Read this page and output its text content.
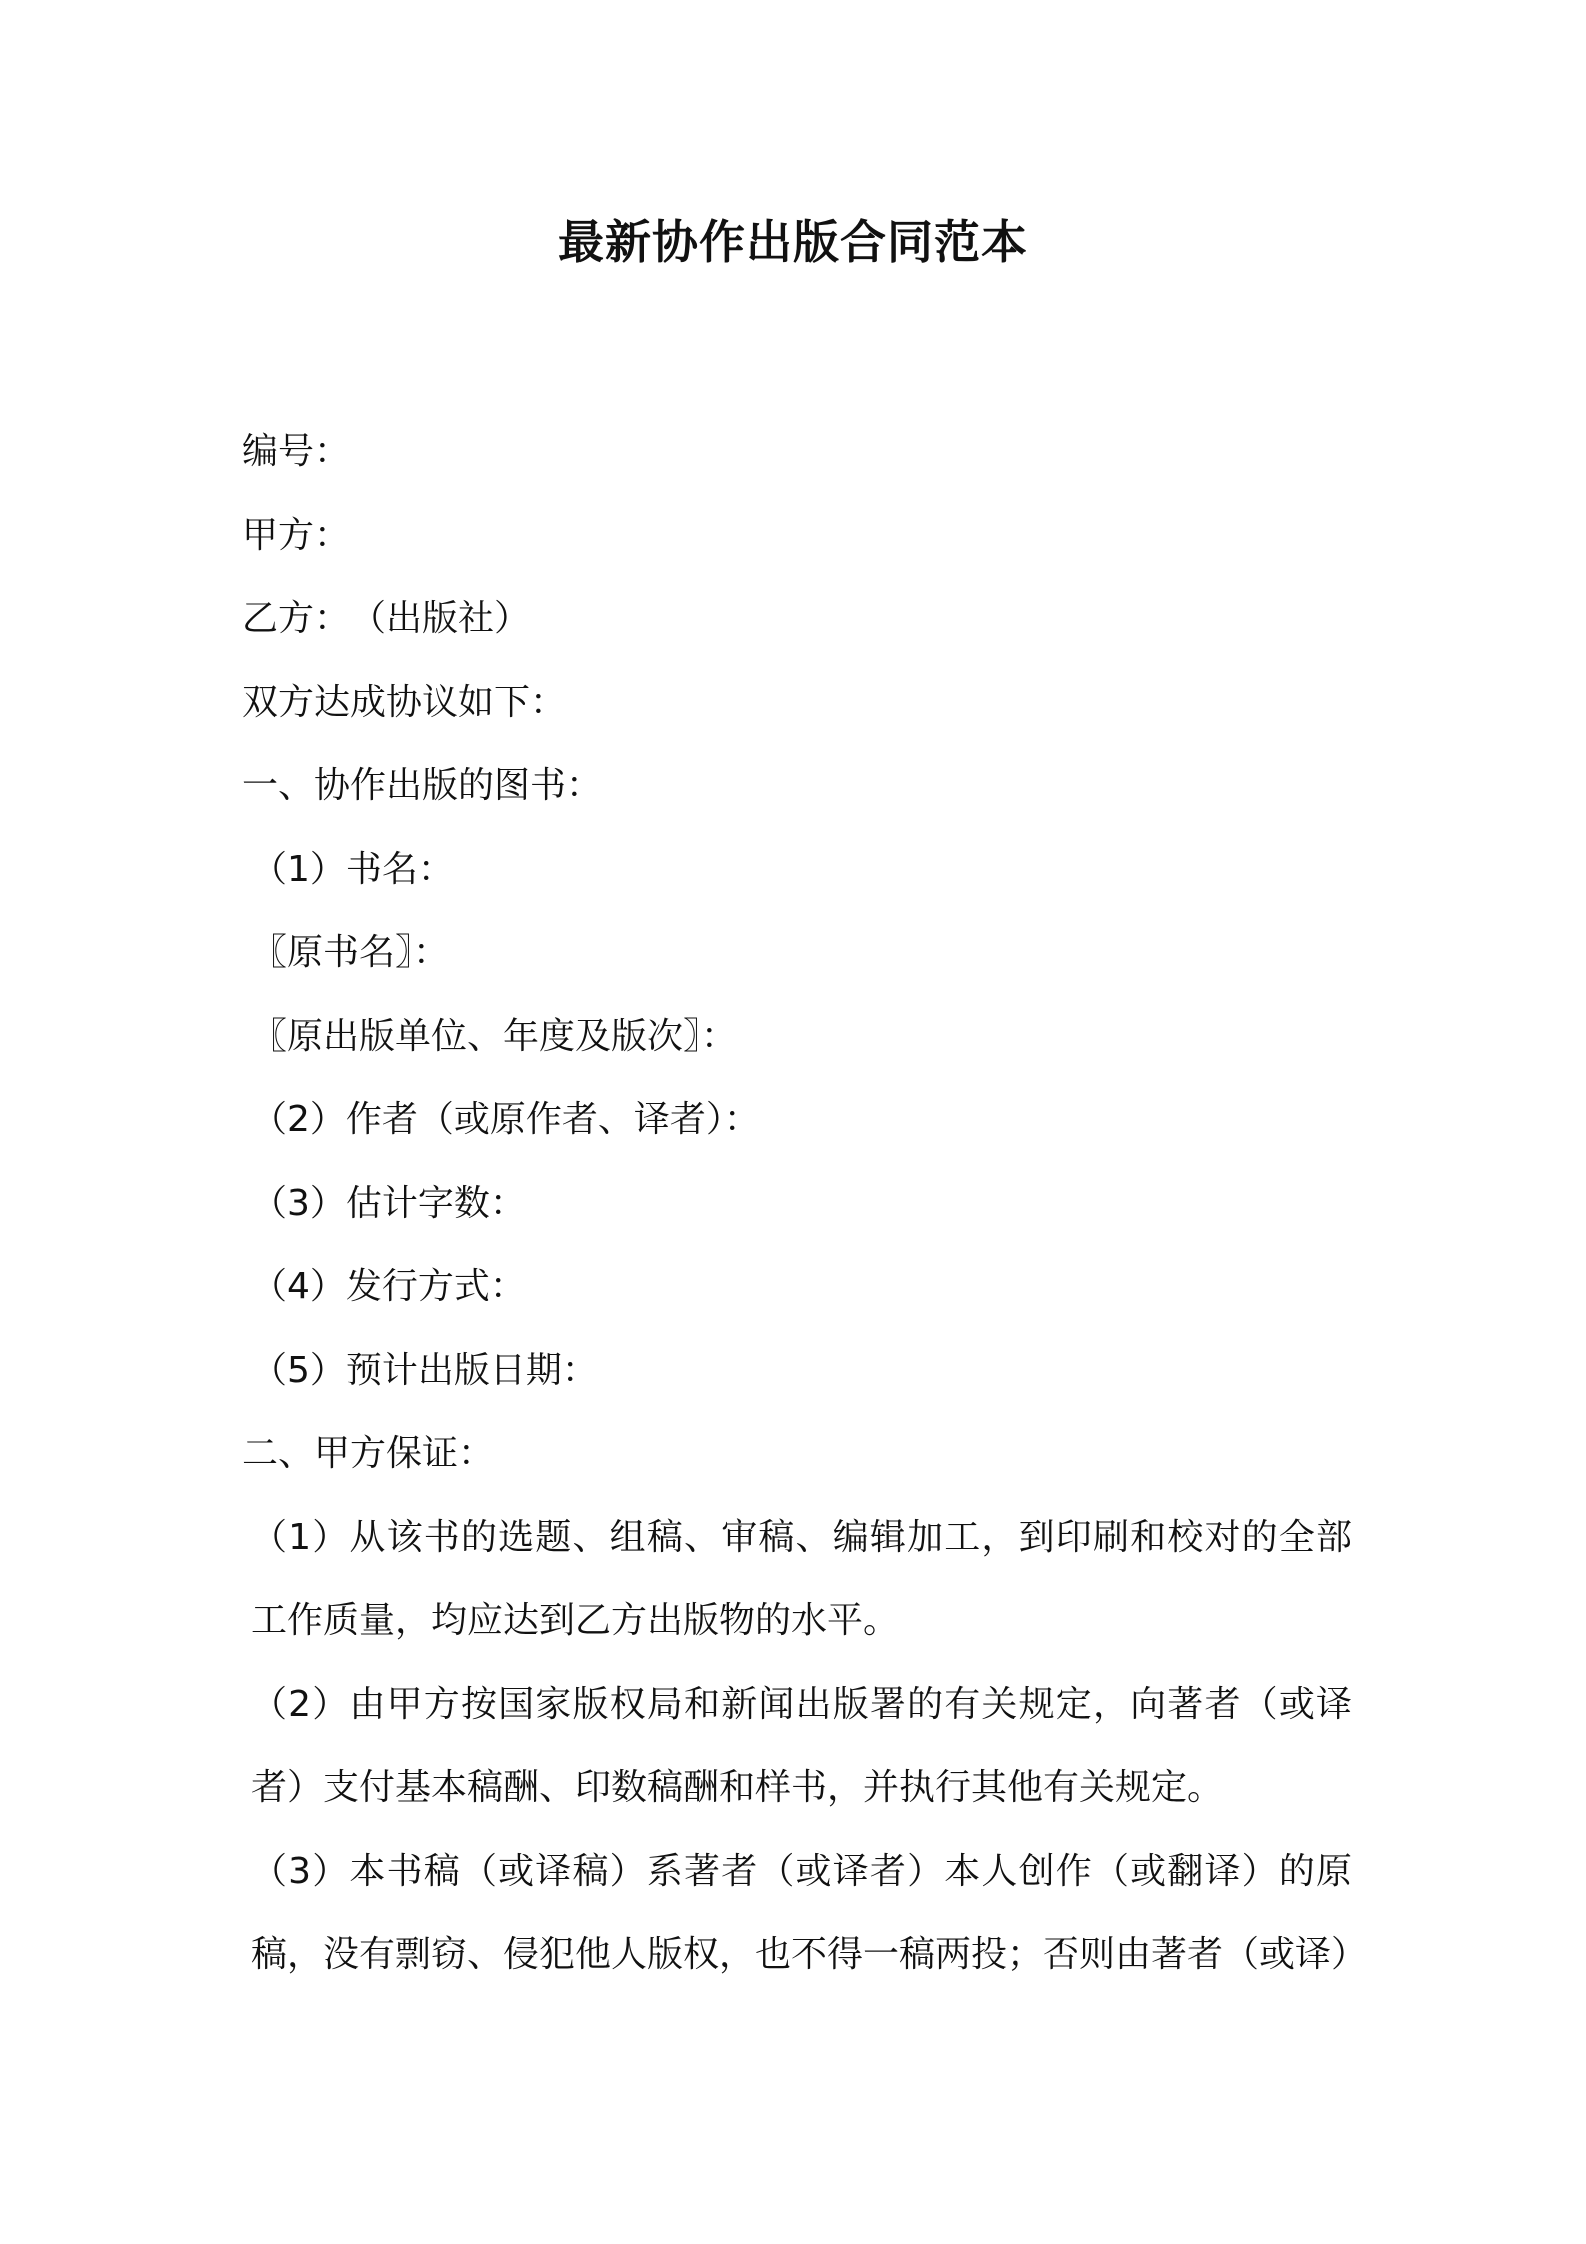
最新协作出版合同范本
编号：
甲方：
乙方：　（出版社）
双方达成协议如下：
一、协作出版的图书：
（1）书名：
〖原书名〗：
〖原出版单位、年度及版次〗：
（2）作者（或原作者、译者）：
（3）估计字数：
（4）发行方式：
（5）预计出版日期：
二、甲方保证：
（1）从该书的选题、组稿、审稿、编辑加工，到印刷和校对的全部工作质量，均应达到乙方出版物的水平。
（2）由甲方按国家版权局和新闻出版署的有关规定，向著者（或译者）支付基本稿酬、印数稿酬和样书，并执行其他有关规定。
（3）本书稿（或译稿）系著者（或译者）本人创作（或翻译）的原稿，没有剽窃、侵犯他人版权，也不得一稿两投；否则由著者（或译）
